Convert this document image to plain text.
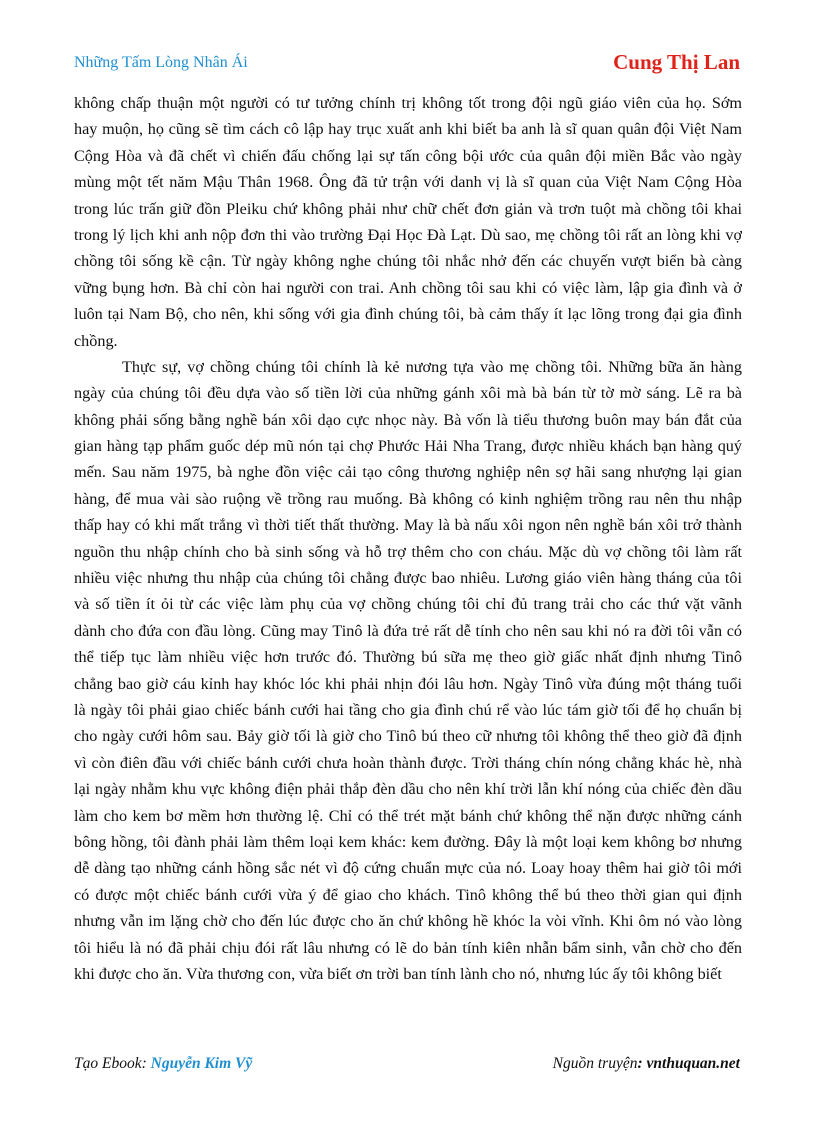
Những Tấm Lòng Nhân Ái	Cung Thị Lan
không chấp thuận một người có tư tưởng chính trị không tốt trong đội ngũ giáo viên của họ. Sớm
hay muộn, họ cũng sẽ tìm cách cô lập hay trục xuất anh khi biết ba anh là sĩ quan quân đội Việt Nam
Cộng Hòa và đã chết vì chiến đấu chống lại sự tấn công bội ước của quân đội miền Bắc vào ngày
mùng một tết năm Mậu Thân 1968. Ông đã tử trận với danh vị là sĩ quan của Việt Nam Cộng Hòa
trong lúc trấn giữ đồn Pleiku chứ không phải như chữ chết đơn giản và trơn tuột mà chồng tôi khai
trong lý lịch khi anh nộp đơn thi vào trường Đại Học Đà Lạt. Dù sao, mẹ chồng tôi rất an lòng khi vợ
chồng tôi sống kề cận. Từ ngày không nghe chúng tôi nhắc nhở đến các chuyến vượt biển bà càng
vững bụng hơn. Bà chỉ còn hai người con trai. Anh chồng tôi sau khi có việc làm, lập gia đình và ở
luôn tại Nam Bộ, cho nên, khi sống với gia đình chúng tôi, bà cảm thấy ít lạc lõng trong đại gia đình
chồng.
Thực sự, vợ chồng chúng tôi chính là kẻ nương tựa vào mẹ chồng tôi. Những bữa ăn hàng
ngày của chúng tôi đều dựa vào số tiền lời của những gánh xôi mà bà bán từ tờ mờ sáng. Lẽ ra bà
không phải sống bằng nghề bán xôi dạo cực nhọc này. Bà vốn là tiểu thương buôn may bán đắt của
gian hàng tạp phẩm guốc dép mũ nón tại chợ Phước Hải Nha Trang, được nhiều khách bạn hàng quý
mến. Sau năm 1975, bà nghe đồn việc cải tạo công thương nghiệp nên sợ hãi sang nhượng lại gian
hàng, để mua vài sào ruộng về trồng rau muống. Bà không có kinh nghiệm trồng rau nên thu nhập
thấp hay có khi mất trắng vì thời tiết thất thường. May là bà nấu xôi ngon nên nghề bán xôi trở thành
nguồn thu nhập chính cho bà sinh sống và hỗ trợ thêm cho con cháu. Mặc dù vợ chồng tôi làm rất
nhiều việc nhưng thu nhập của chúng tôi chẳng được bao nhiêu. Lương giáo viên hàng tháng của tôi
và số tiền ít ỏi từ các việc làm phụ của vợ chồng chúng tôi chỉ đủ trang trải cho các thứ vặt vãnh
dành cho đứa con đầu lòng. Cũng may Tinô là đứa trẻ rất dễ tính cho nên sau khi nó ra đời tôi vẫn có
thể tiếp tục làm nhiều việc hơn trước đó. Thường bú sữa mẹ theo giờ giấc nhất định nhưng Tinô
chẳng bao giờ cáu kỉnh hay khóc lóc khi phải nhịn đói lâu hơn. Ngày Tinô vừa đúng một tháng tuổi
là ngày tôi phải giao chiếc bánh cưới hai tầng cho gia đình chú rể vào lúc tám giờ tối để họ chuẩn bị
cho ngày cưới hôm sau. Bảy giờ tối là giờ cho Tinô bú theo cữ nhưng tôi không thể theo giờ đã định
vì còn điên đầu với chiếc bánh cưới chưa hoàn thành được. Trời tháng chín nóng chẳng khác hè, nhà
lại ngày nhằm khu vực không điện phải thắp đèn dầu cho nên khí trời lẫn khí nóng của chiếc đèn dầu
làm cho kem bơ mềm hơn thường lệ. Chỉ có thể trét mặt bánh chứ không thể nặn được những cánh
bông hồng, tôi đành phải làm thêm loại kem khác: kem đường. Đây là một loại kem không bơ nhưng
dễ dàng tạo những cánh hồng sắc nét vì độ cứng chuẩn mực của nó. Loay hoay thêm hai giờ tôi mới
có được một chiếc bánh cưới vừa ý để giao cho khách. Tinô không thể bú theo thời gian qui định
nhưng vẫn im lặng chờ cho đến lúc được cho ăn chứ không hề khóc la vòi vĩnh. Khi ôm nó vào lòng
tôi hiểu là nó đã phải chịu đói rất lâu nhưng có lẽ do bản tính kiên nhẫn bẩm sinh, vẫn chờ cho đến
khi được cho ăn. Vừa thương con, vừa biết ơn trời ban tính lành cho nó, nhưng lúc ấy tôi không biết
Tạo Ebook: Nguyễn Kim Vỹ	Nguồn truyện: vnthuquan.net
